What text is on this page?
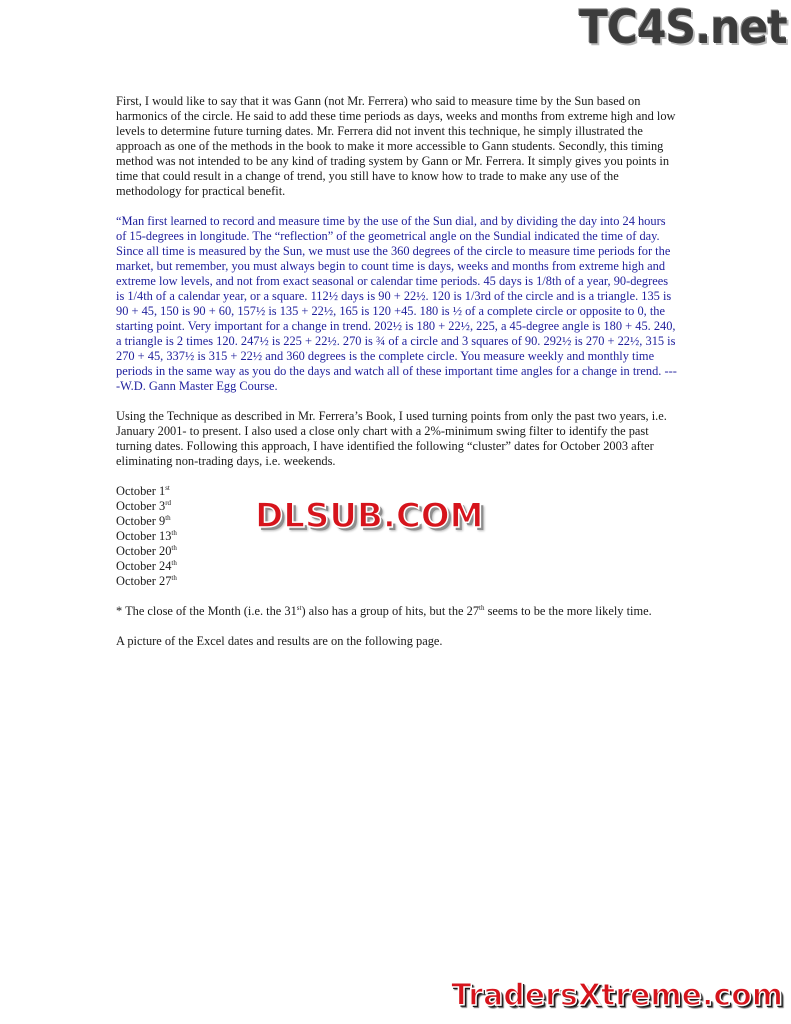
TC4S.net

First, I would like to say that it was Gann (not Mr. Ferrera) who said to measure time by the Sun based on harmonics of the circle. He said to add these time periods as days, weeks and months from extreme high and low levels to determine future turning dates. Mr. Ferrera did not invent this technique, he simply illustrated the approach as one of the methods in the book to make it more accessible to Gann students. Secondly, this timing method was not intended to be any kind of trading system by Gann or Mr. Ferrera. It simply gives you points in time that could result in a change of trend, you still have to know how to trade to make any use of the methodology for practical benefit.

“Man first learned to record and measure time by the use of the Sun dial, and by dividing the day into 24 hours of 15-degrees in longitude. The “reflection” of the geometrical angle on the Sundial indicated the time of day. Since all time is measured by the Sun, we must use the 360 degrees of the circle to measure time periods for the market, but remember, you must always begin to count time is days, weeks and months from extreme high and extreme low levels, and not from exact seasonal or calendar time periods. 45 days is 1/8th of a year, 90-degrees is 1/4th of a calendar year, or a square. 112½ days is 90 + 22½. 120 is 1/3rd of the circle and is a triangle. 135 is 90 + 45, 150 is 90 + 60, 157½ is 135 + 22½, 165 is 120 +45. 180 is ½ of a complete circle or opposite to 0, the starting point. Very important for a change in trend. 202½ is 180 + 22½, 225, a 45-degree angle is 180 + 45. 240, a triangle is 2 times 120. 247½ is 225 + 22½. 270 is ¾ of a circle and 3 squares of 90. 292½ is 270 + 22½, 315 is 270 + 45, 337½ is 315 + 22½ and 360 degrees is the complete circle. You measure weekly and monthly time periods in the same way as you do the days and watch all of these important time angles for a change in trend. ----W.D. Gann Master Egg Course.

Using the Technique as described in Mr. Ferrera’s Book, I used turning points from only the past two years, i.e. January 2001- to present. I also used a close only chart with a 2%-minimum swing filter to identify the past turning dates. Following this approach, I have identified the following “cluster” dates for October 2003 after eliminating non-trading days, i.e. weekends.

October 1st
October 3rd
October 9th
October 13th
October 20th
October 24th
October 27th

* The close of the Month (i.e. the 31st) also has a group of hits, but the 27th seems to be the more likely time.

A picture of the Excel dates and results are on the following page.

DLSUB.COM
TradersXtreme.com
